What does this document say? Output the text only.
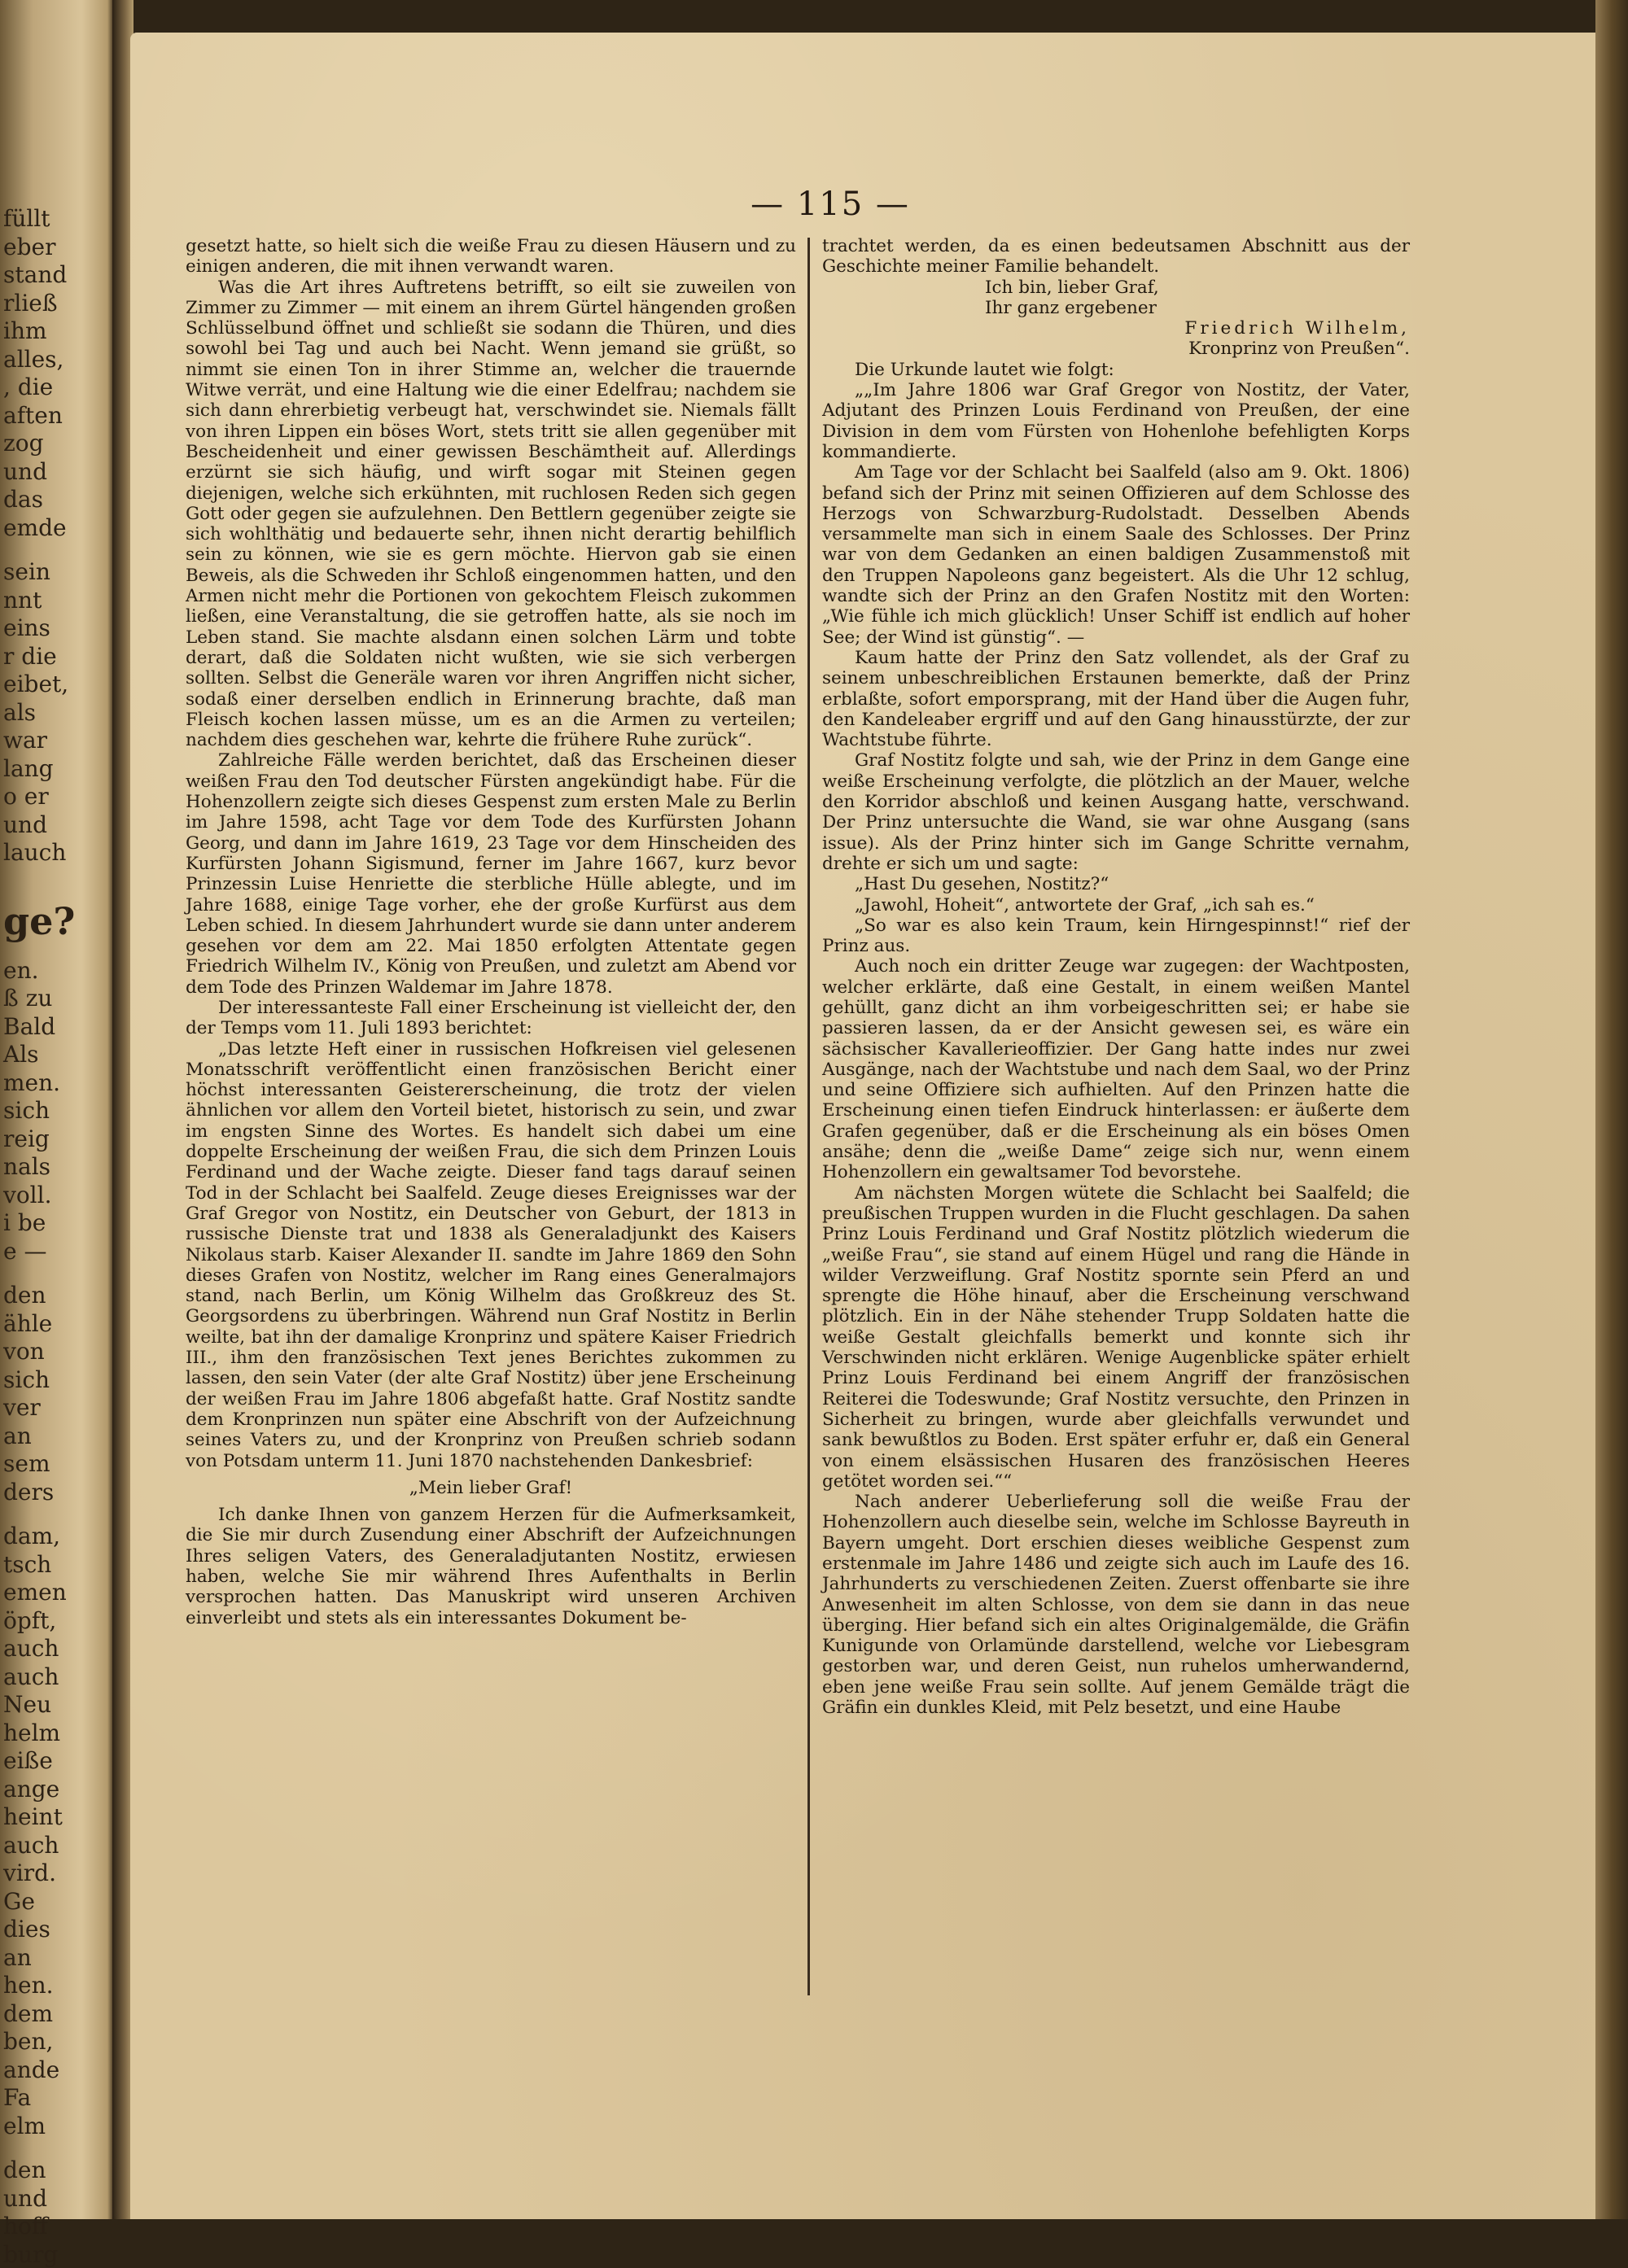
füllt
eber
stand
rließ
ihm
alles,
, die
aften
zog
und
das
emde
sein
nnt
eins
r die
eibet,
als
war
lang
o er
und
lauch
ge?
en.
ß zu
Bald
Als
men.
sich
reig
nals
voll.
i be
e —
den
ähle
von
sich
ver
an
sem
ders
dam,
tsch
emen
öpft,
auch
auch
Neu
helm
eiße
ange
heint
auch
vird.
Ge
dies
an
hen.
dem
ben,
ande
Fa
elm
den
und
hoff
burg
— 115 —

gesetzt hatte, so hielt sich die weiße Frau zu diesen Häusern und zu einigen anderen, die mit ihnen verwandt waren.

Was die Art ihres Auftretens betrifft, so eilt sie zuweilen von Zimmer zu Zimmer — mit einem an ihrem Gürtel hängenden großen Schlüsselbund öffnet und schließt sie sodann die Thüren, und dies sowohl bei Tag und auch bei Nacht. Wenn jemand sie grüßt, so nimmt sie einen Ton in ihrer Stimme an, welcher die trauernde Witwe verrät, und eine Haltung wie die einer Edelfrau; nachdem sie sich dann ehrerbietig verbeugt hat, verschwindet sie. Niemals fällt von ihren Lippen ein böses Wort, stets tritt sie allen gegenüber mit Bescheidenheit und einer gewissen Beschämtheit auf. Allerdings erzürnt sie sich häufig, und wirft sogar mit Steinen gegen diejenigen, welche sich erkühnten, mit ruchlosen Reden sich gegen Gott oder gegen sie aufzulehnen. Den Bettlern gegenüber zeigte sie sich wohlthätig und bedauerte sehr, ihnen nicht derartig behilflich sein zu können, wie sie es gern möchte. Hiervon gab sie einen Beweis, als die Schweden ihr Schloß eingenommen hatten, und den Armen nicht mehr die Portionen von gekochtem Fleisch zukommen ließen, eine Veranstaltung, die sie getroffen hatte, als sie noch im Leben stand. Sie machte alsdann einen solchen Lärm und tobte derart, daß die Soldaten nicht wußten, wie sie sich verbergen sollten. Selbst die Generäle waren vor ihren Angriffen nicht sicher, sodaß einer derselben endlich in Erinnerung brachte, daß man Fleisch kochen lassen müsse, um es an die Armen zu verteilen; nachdem dies geschehen war, kehrte die frühere Ruhe zurück“.

Zahlreiche Fälle werden berichtet, daß das Erscheinen dieser weißen Frau den Tod deutscher Fürsten angekündigt habe. Für die Hohenzollern zeigte sich dieses Gespenst zum ersten Male zu Berlin im Jahre 1598, acht Tage vor dem Tode des Kurfürsten Johann Georg, und dann im Jahre 1619, 23 Tage vor dem Hinscheiden des Kurfürsten Johann Sigismund, ferner im Jahre 1667, kurz bevor Prinzessin Luise Henriette die sterbliche Hülle ablegte, und im Jahre 1688, einige Tage vorher, ehe der große Kurfürst aus dem Leben schied. In diesem Jahrhundert wurde sie dann unter anderem gesehen vor dem am 22. Mai 1850 erfolgten Attentate gegen Friedrich Wilhelm IV., König von Preußen, und zuletzt am Abend vor dem Tode des Prinzen Waldemar im Jahre 1878.

Der interessanteste Fall einer Erscheinung ist vielleicht der, den der Temps vom 11. Juli 1893 berichtet:

„Das letzte Heft einer in russischen Hofkreisen viel gelesenen Monatsschrift veröffentlicht einen französischen Bericht einer höchst interessanten Geistererscheinung, die trotz der vielen ähnlichen vor allem den Vorteil bietet, historisch zu sein, und zwar im engsten Sinne des Wortes. Es handelt sich dabei um eine doppelte Erscheinung der weißen Frau, die sich dem Prinzen Louis Ferdinand und der Wache zeigte. Dieser fand tags darauf seinen Tod in der Schlacht bei Saalfeld. Zeuge dieses Ereignisses war der Graf Gregor von Nostitz, ein Deutscher von Geburt, der 1813 in russische Dienste trat und 1838 als Generaladjunkt des Kaisers Nikolaus starb. Kaiser Alexander II. sandte im Jahre 1869 den Sohn dieses Grafen von Nostitz, welcher im Rang eines Generalmajors stand, nach Berlin, um König Wilhelm das Großkreuz des St. Georgsordens zu überbringen. Während nun Graf Nostitz in Berlin weilte, bat ihn der damalige Kronprinz und spätere Kaiser Friedrich III., ihm den französischen Text jenes Berichtes zukommen zu lassen, den sein Vater (der alte Graf Nostitz) über jene Erscheinung der weißen Frau im Jahre 1806 abgefaßt hatte. Graf Nostitz sandte dem Kronprinzen nun später eine Abschrift von der Aufzeichnung seines Vaters zu, und der Kronprinz von Preußen schrieb sodann von Potsdam unterm 11. Juni 1870 nachstehenden Dankesbrief:

„Mein lieber Graf!

Ich danke Ihnen von ganzem Herzen für die Aufmerksamkeit, die Sie mir durch Zusendung einer Abschrift der Aufzeichnungen Ihres seligen Vaters, des Generaladjutanten Nostitz, erwiesen haben, welche Sie mir während Ihres Aufenthalts in Berlin versprochen hatten. Das Manuskript wird unseren Archiven einverleibt und stets als ein interessantes Dokument be-

trachtet werden, da es einen bedeutsamen Abschnitt aus der Geschichte meiner Familie behandelt.

Ich bin, lieber Graf,

Ihr ganz ergebener

Friedrich Wilhelm,

Kronprinz von Preußen“.

Die Urkunde lautet wie folgt:

„„Im Jahre 1806 war Graf Gregor von Nostitz, der Vater, Adjutant des Prinzen Louis Ferdinand von Preußen, der eine Division in dem vom Fürsten von Hohenlohe befehligten Korps kommandierte.

Am Tage vor der Schlacht bei Saalfeld (also am 9. Okt. 1806) befand sich der Prinz mit seinen Offizieren auf dem Schlosse des Herzogs von Schwarzburg-Rudolstadt. Desselben Abends versammelte man sich in einem Saale des Schlosses. Der Prinz war von dem Gedanken an einen baldigen Zusammenstoß mit den Truppen Napoleons ganz begeistert. Als die Uhr 12 schlug, wandte sich der Prinz an den Grafen Nostitz mit den Worten: „Wie fühle ich mich glücklich! Unser Schiff ist endlich auf hoher See; der Wind ist günstig“. —

Kaum hatte der Prinz den Satz vollendet, als der Graf zu seinem unbeschreiblichen Erstaunen bemerkte, daß der Prinz erblaßte, sofort emporsprang, mit der Hand über die Augen fuhr, den Kandeleaber ergriff und auf den Gang hinausstürzte, der zur Wachtstube führte.

Graf Nostitz folgte und sah, wie der Prinz in dem Gange eine weiße Erscheinung verfolgte, die plötzlich an der Mauer, welche den Korridor abschloß und keinen Ausgang hatte, verschwand. Der Prinz untersuchte die Wand, sie war ohne Ausgang (sans issue). Als der Prinz hinter sich im Gange Schritte vernahm, drehte er sich um und sagte:

„Hast Du gesehen, Nostitz?“

„Jawohl, Hoheit“, antwortete der Graf, „ich sah es.“

„So war es also kein Traum, kein Hirngespinnst!“ rief der Prinz aus.

Auch noch ein dritter Zeuge war zugegen: der Wachtposten, welcher erklärte, daß eine Gestalt, in einem weißen Mantel gehüllt, ganz dicht an ihm vorbeigeschritten sei; er habe sie passieren lassen, da er der Ansicht gewesen sei, es wäre ein sächsischer Kavallerieoffizier. Der Gang hatte indes nur zwei Ausgänge, nach der Wachtstube und nach dem Saal, wo der Prinz und seine Offiziere sich aufhielten. Auf den Prinzen hatte die Erscheinung einen tiefen Eindruck hinterlassen: er äußerte dem Grafen gegenüber, daß er die Erscheinung als ein böses Omen ansähe; denn die „weiße Dame“ zeige sich nur, wenn einem Hohenzollern ein gewaltsamer Tod bevorstehe.

Am nächsten Morgen wütete die Schlacht bei Saalfeld; die preußischen Truppen wurden in die Flucht geschlagen. Da sahen Prinz Louis Ferdinand und Graf Nostitz plötzlich wiederum die „weiße Frau“, sie stand auf einem Hügel und rang die Hände in wilder Verzweiflung. Graf Nostitz spornte sein Pferd an und sprengte die Höhe hinauf, aber die Erscheinung verschwand plötzlich. Ein in der Nähe stehender Trupp Soldaten hatte die weiße Gestalt gleichfalls bemerkt und konnte sich ihr Verschwinden nicht erklären. Wenige Augenblicke später erhielt Prinz Louis Ferdinand bei einem Angriff der französischen Reiterei die Todeswunde; Graf Nostitz versuchte, den Prinzen in Sicherheit zu bringen, wurde aber gleichfalls verwundet und sank bewußtlos zu Boden. Erst später erfuhr er, daß ein General von einem elsässischen Husaren des französischen Heeres getötet worden sei.““

Nach anderer Ueberlieferung soll die weiße Frau der Hohenzollern auch dieselbe sein, welche im Schlosse Bayreuth in Bayern umgeht. Dort erschien dieses weibliche Gespenst zum erstenmale im Jahre 1486 und zeigte sich auch im Laufe des 16. Jahrhunderts zu verschiedenen Zeiten. Zuerst offenbarte sie ihre Anwesenheit im alten Schlosse, von dem sie dann in das neue überging. Hier befand sich ein altes Originalgemälde, die Gräfin Kunigunde von Orlamünde darstellend, welche vor Liebesgram gestorben war, und deren Geist, nun ruhelos umherwandernd, eben jene weiße Frau sein sollte. Auf jenem Gemälde trägt die Gräfin ein dunkles Kleid, mit Pelz besetzt, und eine Haube
